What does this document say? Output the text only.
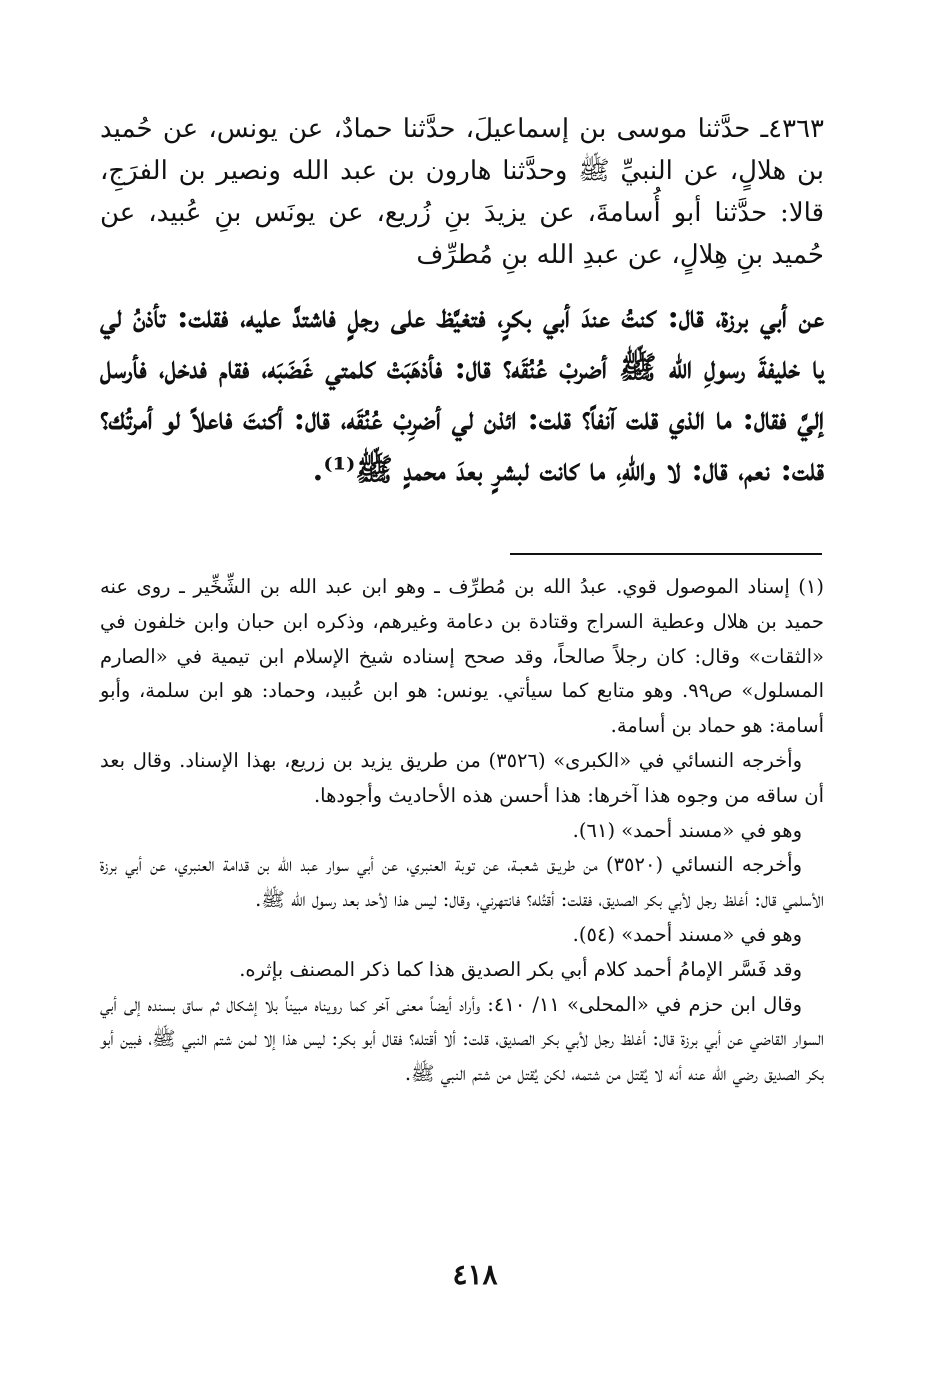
٤٣٦٣ـ حدَّثنا موسى بن إسماعيلَ، حدَّثنا حمادٌ، عن يونس، عن حُميد بن هلالٍ، عن النبيِّ ﷺ وحدَّثنا هارون بن عبد الله ونصير بن الفرَجِ، قالا: حدَّثنا أبو أُسامةَ، عن يزيدَ بنِ زُريع، عن يونَس بنِ عُبيد، عن حُميد بنِ هِلالٍ، عن عبدِ الله بنِ مُطرِّف

عن أبي برزة، قال: كنتُ عندَ أبي بكرٍ، فتغيَّظ على رجلٍ فاشتدَّ عليه، فقلت: تأذنُ لي يا خليفةَ رسولِ الله ﷺ أضربْ عُنُقَه؟ قال: فأذهَبَتْ كلمتي غَضَبَه، فقام فدخل، فأرسل إليَّ فقال: ما الذي قلت آنفاً؟ قلت: ائذن لي أضرِبْ عُنُقَه، قال: أكنتَ فاعلاً لو أمرتُك؟ قلت: نعم، قال: لا واللهِ، ما كانت لبشرٍ بعدَ محمدٍ ﷺ⁽¹⁾.

(١) إسناد الموصول قوي. عبدُ الله بن مُطرِّف ـ وهو ابن عبد الله بن الشِّخِّير ـ روى عنه حميد بن هلال وعطية السراج وقتادة بن دعامة وغيرهم، وذكره ابن حبان وابن خلفون في «الثقات» وقال: كان رجلاً صالحاً، وقد صحح إسناده شيخ الإسلام ابن تيمية في «الصارم المسلول» ص٩٩. وهو متابع كما سيأتي. يونس: هو ابن عُبيد، وحماد: هو ابن سلمة، وأبو أسامة: هو حماد بن أسامة.

وأخرجه النسائي في «الكبرى» (٣٥٢٦) من طريق يزيد بن زريع، بهذا الإسناد. وقال بعد أن ساقه من وجوه هذا آخرها: هذا أحسن هذه الأحاديث وأجودها.

وهو في «مسند أحمد» (٦١).

وأخرجه النسائي (٣٥٢٠) من طريـق شعبـة، عن توبة العنبري، عن أبي سوار عبد الله بن قدامة العنبري، عن أبي برزة الأسلمي قال: أغلظ رجل لأبي بكر الصديق، فقلت: أقتُله؟ فانتهرني، وقال: ليس هذا لأحد بعد رسول الله ﷺ.

وهو في «مسند أحمد» (٥٤).

وقد فَسَّر الإمامُ أحمد كلام أبي بكر الصديق هذا كما ذكر المصنف بإثره.

وقال ابن حزم في «المحلى» ١١/ ٤١٠: وأراد أيضاً معنى آخر كما رويناه مبيناً بلا إشكال ثم ساق بسنده إلى أبي السوار القاضي عن أبي برزة قال: أغلظ رجل لأبي بكر الصديق، قلت: ألا أقتله؟ فقال أبو بكر: ليس هذا إلا لمن شتم النبي ﷺ، فبين أبو بكر الصديق رضي الله عنه أنه لا يُقتل من شتمه، لكن يُقتل من شتم النبي ﷺ.

٤١٨
